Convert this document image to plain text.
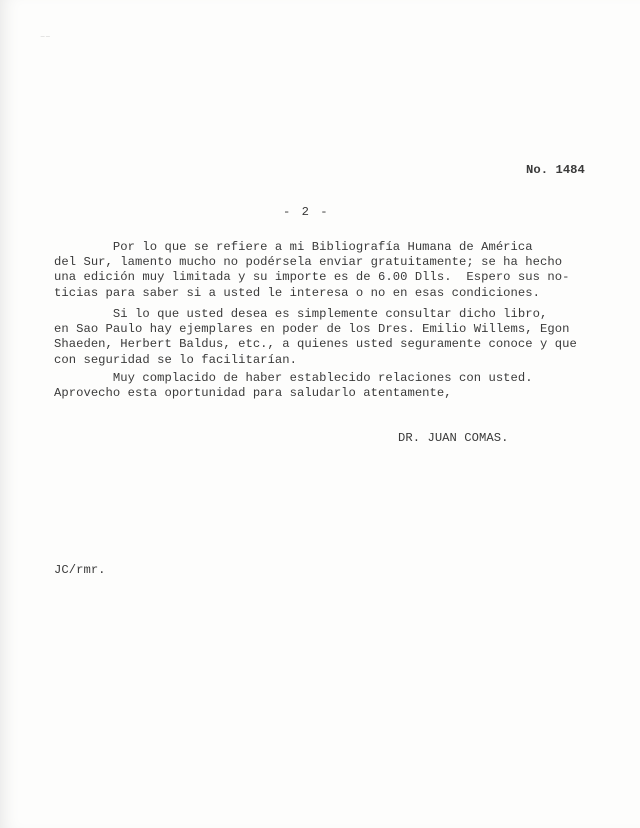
⁻⁻
No. 1484
- 2 -

Por lo que se refiere a mi Bibliografía Humana de América
del Sur, lamento mucho no podérsela enviar gratuitamente; se ha hecho
una edición muy limitada y su importe es de 6.00 Dlls.  Espero sus no-
ticias para saber si a usted le interesa o no en esas condiciones.

Si lo que usted desea es simplemente consultar dicho libro,
en Sao Paulo hay ejemplares en poder de los Dres. Emilio Willems, Egon
Shaeden, Herbert Baldus, etc., a quienes usted seguramente conoce y que
con seguridad se lo facilitarían.

Muy complacido de haber establecido relaciones con usted.
Aprovecho esta oportunidad para saludarlo atentamente,

DR. JUAN COMAS.
JC/rmr.
